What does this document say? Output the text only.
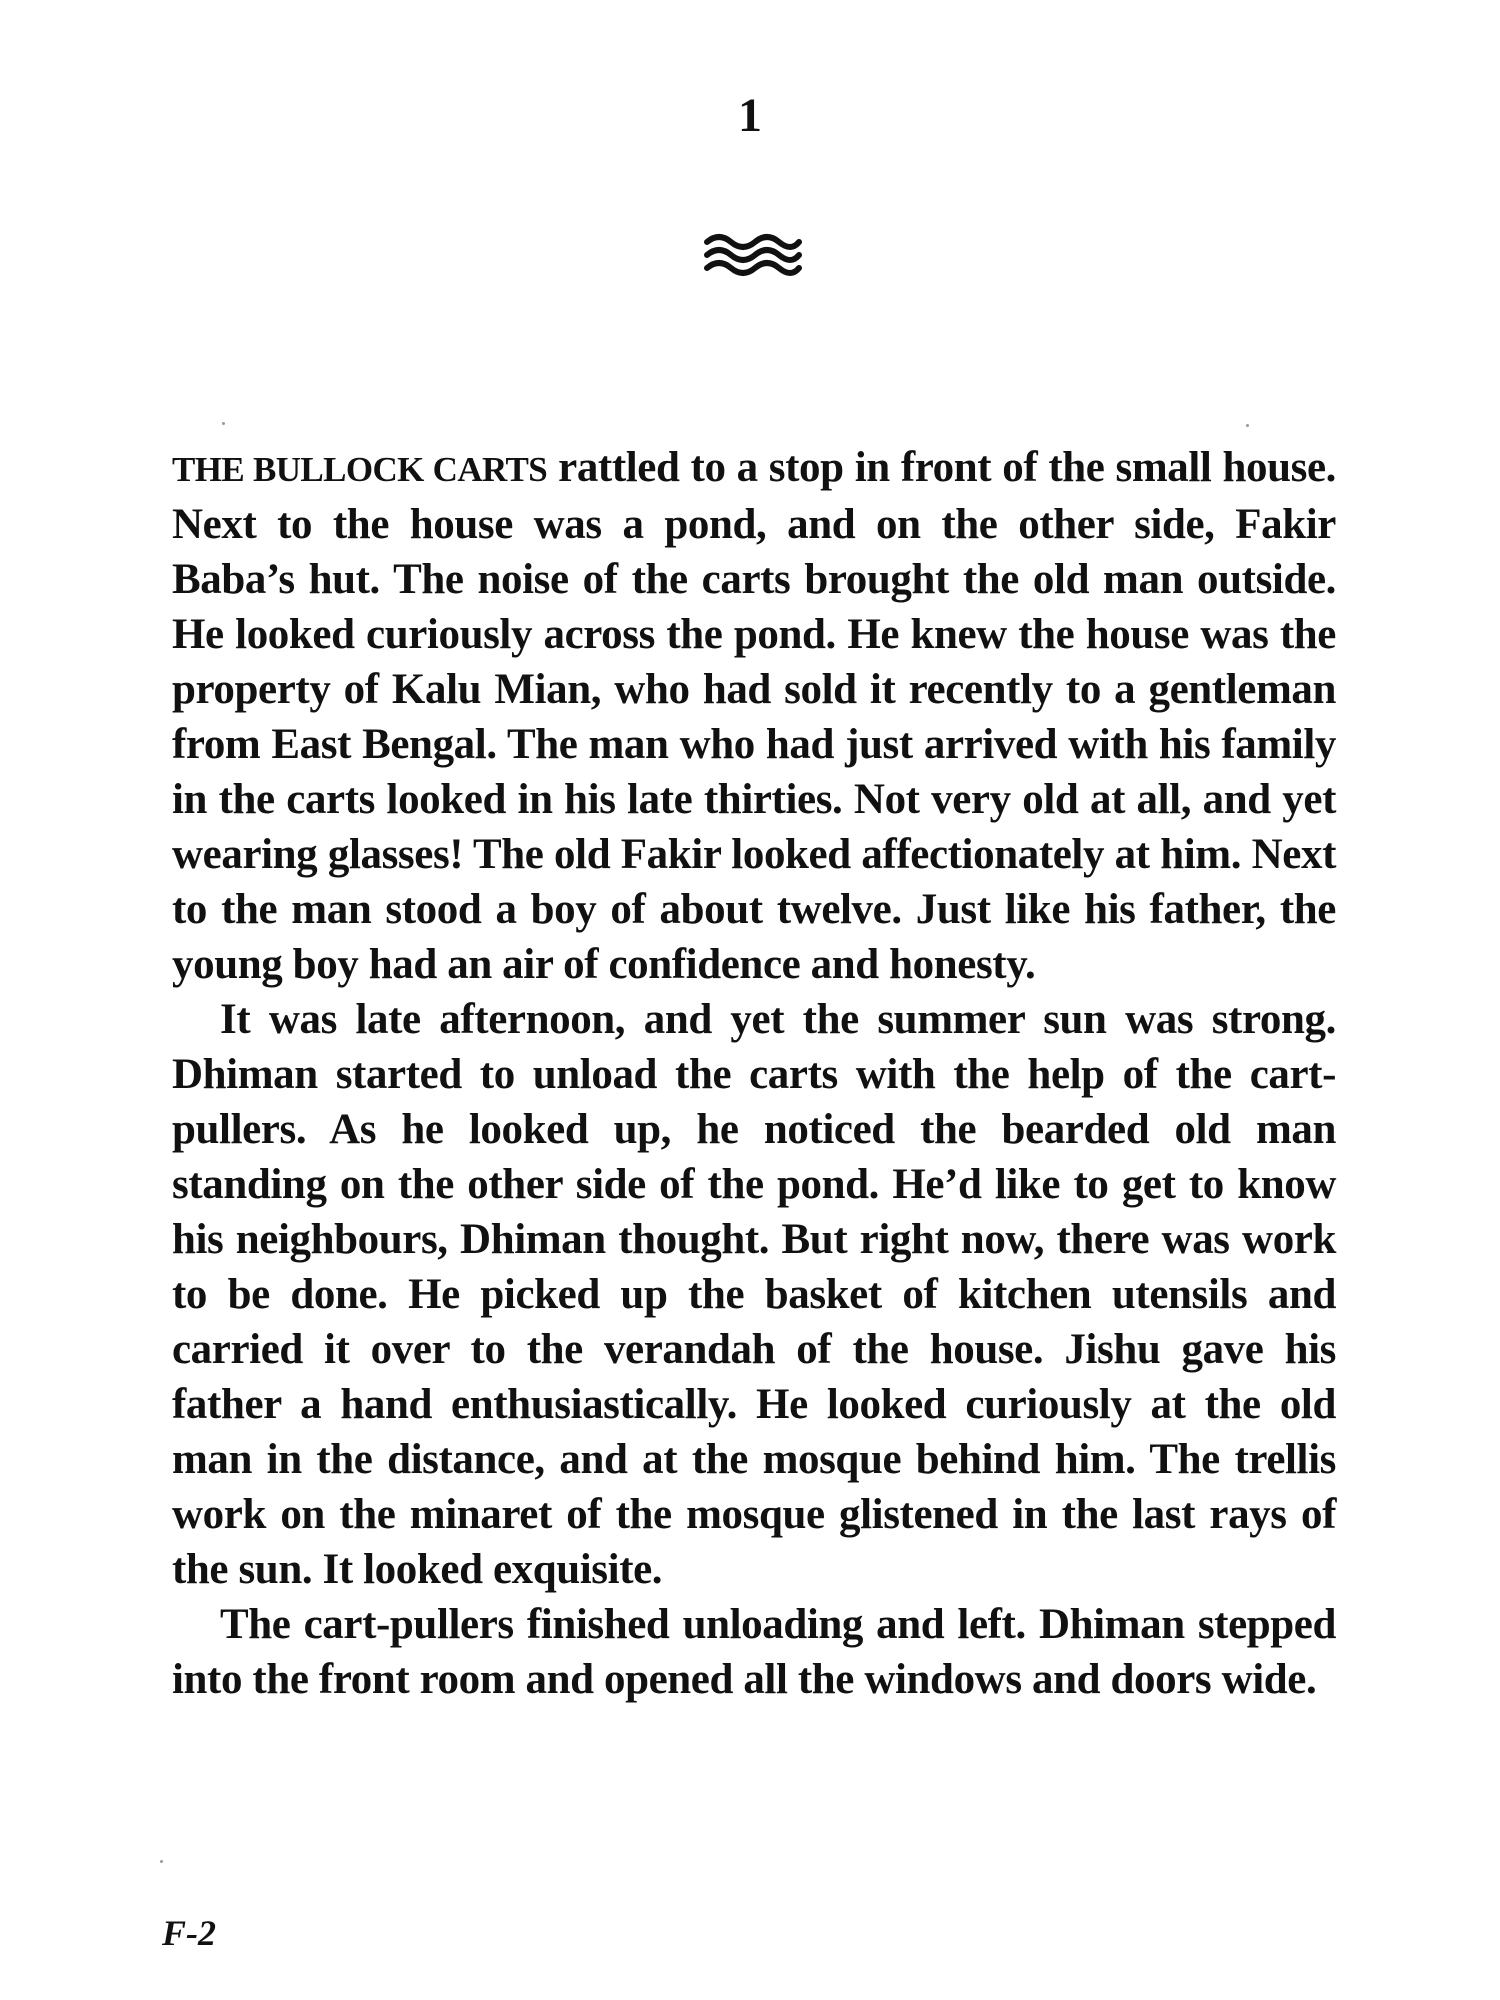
1

THE BULLOCK CARTS rattled to a stop in front of the small house. Next to the house was a pond, and on the other side, Fakir Baba’s hut. The noise of the carts brought the old man outside. He looked curiously across the pond. He knew the house was the property of Kalu Mian, who had sold it recently to a gentleman from East Bengal. The man who had just arrived with his family in the carts looked in his late thirties. Not very old at all, and yet wearing glasses! The old Fakir looked affectionately at him. Next to the man stood a boy of about twelve. Just like his father, the young boy had an air of confidence and honesty.

It was late afternoon, and yet the summer sun was strong. Dhiman started to unload the carts with the help of the cart-pullers. As he looked up, he noticed the bearded old man standing on the other side of the pond. He’d like to get to know his neighbours, Dhiman thought. But right now, there was work to be done. He picked up the basket of kitchen utensils and carried it over to the verandah of the house. Jishu gave his father a hand enthusiastically. He looked curiously at the old man in the distance, and at the mosque behind him. The trellis work on the minaret of the mosque glistened in the last rays of the sun. It looked exquisite.

The cart-pullers finished unloading and left. Dhiman stepped into the front room and opened all the windows and doors wide.

F-2
